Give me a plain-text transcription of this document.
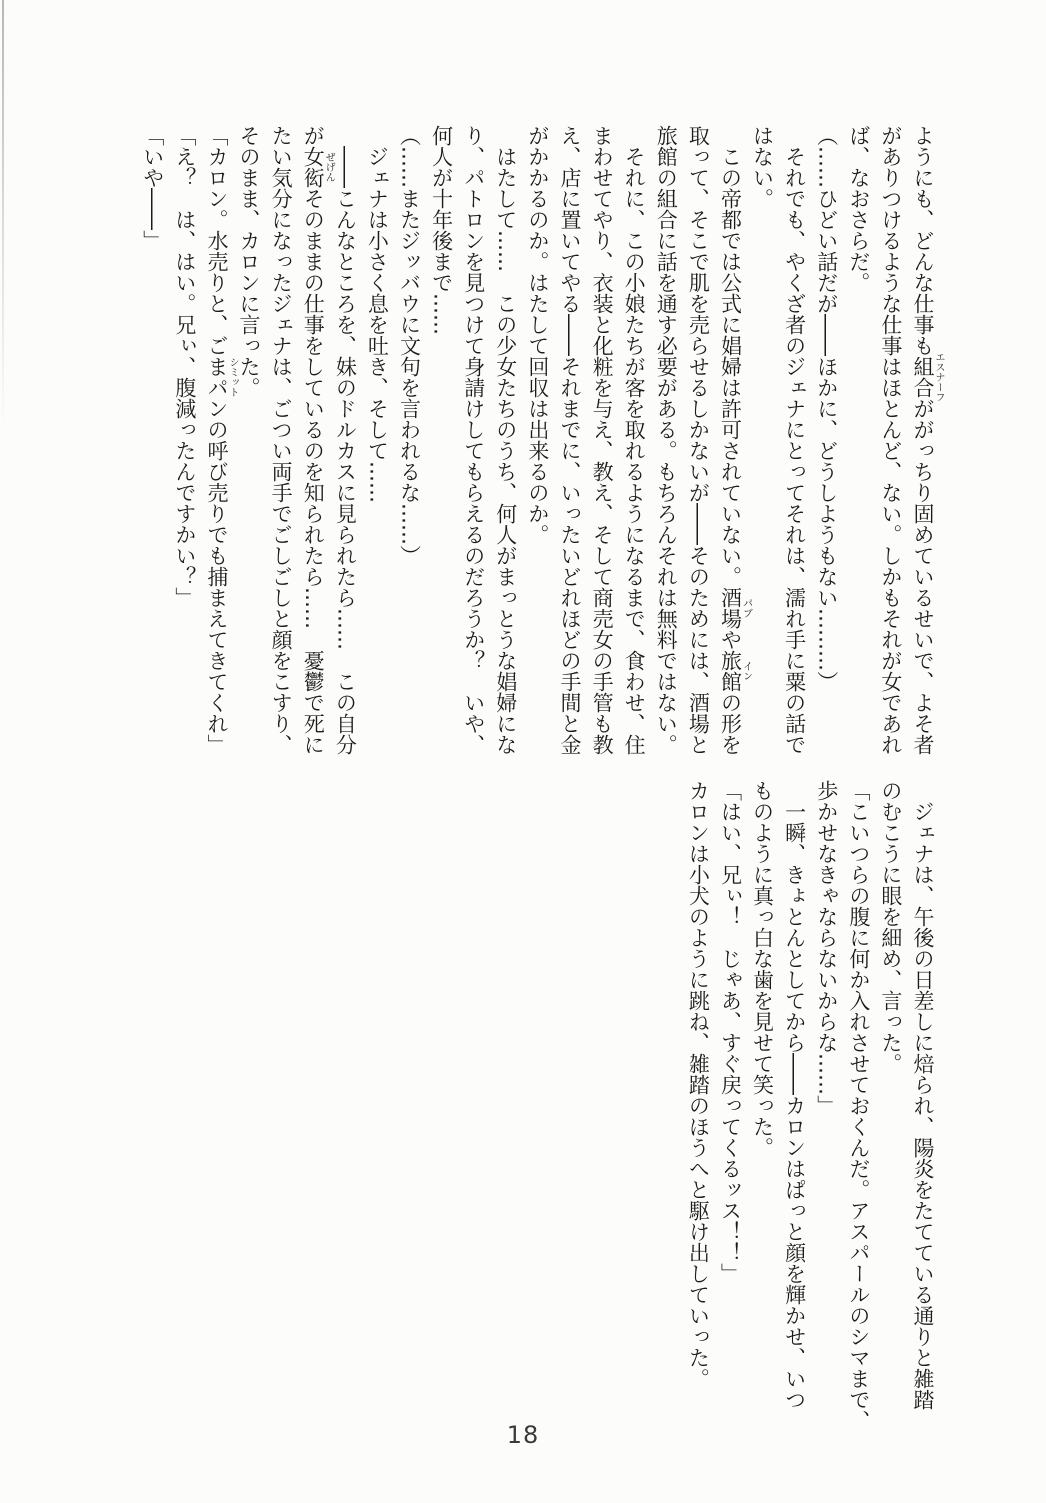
ようにも、どんな仕事も組合
エスナーフ
ががっちり固めているせいで、よそ者
がありつけるような仕事はほとんど、ない。しかもそれが女であれ
ば、なおさらだ。
（……ひどい話だが――ほかに、どうしようもない………）
　それでも、やくざ者のジェナにとってそれは、濡れ手に粟の話で
はない。
　この帝都では公式に娼婦は許可されていない。酒場
パブ
や旅館
イン
の形を
取って、そこで肌を売らせるしかないが――そのためには、酒場と
旅館の組合に話を通す必要がある。もちろんそれは無料ではない。
　それに、この小娘たちが客を取れるようになるまで、食わせ、住
まわせてやり、衣装と化粧を与え、教え、そして商売女の手管も教
え、店に置いてやる――それまでに、いったいどれほどの手間と金
がかかるのか。はたして回収は出来るのか。
　はたして……　この少女たちのうち、何人がまっとうな娼婦にな
り、パトロンを見つけて身請けしてもらえるのだろうか？　いや、
何人が十年後まで……
（……またジッバウに文句を言われるな……）
　ジェナは小さく息を吐き、そして……
　――こんなところを、妹のドルカスに見られたら……　この自分
が女衒
ぜげん
そのままの仕事をしているのを知られたら……　憂鬱で死に
たい気分になったジェナは、ごつい両手でごしごしと顔をこすり、
そのまま、カロンに言った。
「カロン。水売りと、ごまパン
シミット
の呼び売りでも捕まえてきてくれ」
「え？　は、はい。兄ぃ、腹減ったんですかい？」
「いや――」
　ジェナは、午後の日差しに焙られ、陽炎をたてている通りと雑踏
のむこうに眼を細め、言った。
「こいつらの腹に何か入れさせておくんだ。アスパールのシマまで、
歩かせなきゃならないからな……」
　一瞬、きょとんとしてから――カロンはぱっと顔を輝かせ、いつ
ものように真っ白な歯を見せて笑った。
「はい、兄ぃ！　じゃあ、すぐ戻ってくるッス！！」
カロンは小犬のように跳ね、雑踏のほうへと駆け出していった。
18
